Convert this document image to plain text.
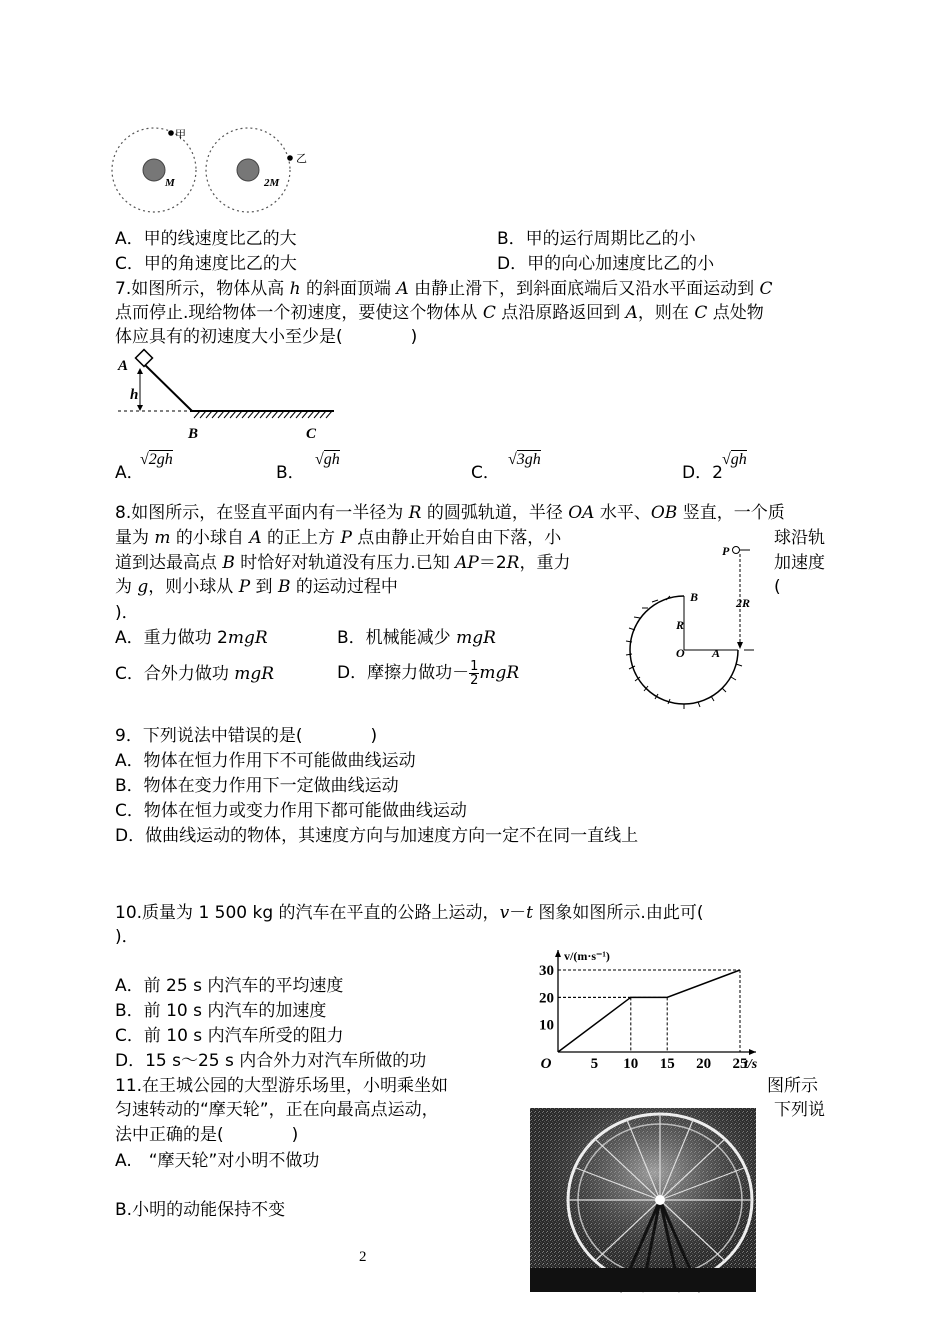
甲
M
乙
2M
A．甲的线速度比乙的大	B．甲的运行周期比乙的小
C．甲的角速度比乙的大	D．甲的向心加速度比乙的小
7.如图所示，物体从高 h 的斜面顶端 A 由静止滑下，到斜面底端后又沿水平面运动到 C
点而停止.现给物体一个初速度，要使这个物体从 C 点沿原路返回到 A，则在 C 点处物
体应具有的初速度大小至少是(　　　　)
A
h
B	C
A．
√2gh
B．
√gh
C．
√3gh
D．2
√gh
8.如图所示，在竖直平面内有一半径为 R 的圆弧轨道，半径 OA 水平、OB 竖直，一个质
量为 m 的小球自 A 的正上方 P 点由静止开始自由下落，小	球沿轨
道到达最高点 B 时恰好对轨道没有压力.已知 AP＝2R，重力	加速度
为 g，则小球从 P 到 B 的运动过程中	(
)．
A．重力做功 2mgR	B．机械能减少 mgR
C．合外力做功 mgR	D．摩擦力做功－ $\frac{1}{2}$ mgR
P
B	2R
R
O A
9．下列说法中错误的是(　　　　)
A．物体在恒力作用下不可能做曲线运动
B．物体在变力作用下一定做曲线运动
C．物体在恒力或变力作用下都可能做曲线运动
D．做曲线运动的物体，其速度方向与加速度方向一定不在同一直线上
10.质量为 1 500 kg 的汽车在平直的公路上运动，v－t 图象如图所示.由此可(
)．
A．前 25 s 内汽车的平均速度
B．前 10 s 内汽车的加速度
C．前 10 s 内汽车所受的阻力
D．15 s～25 s 内合外力对汽车所做的功	5 10 15 20 25
10
20
30
O
v/(m·s⁻¹)
t/s
11.在王城公园的大型游乐场里，小明乘坐如	图所示
匀速转动的“摩天轮”，正在向最高点运动，	下列说
法中正确的是(　　　　)
A.　“摩天轮”对小明不做功
B.小明的动能保持不变
2
